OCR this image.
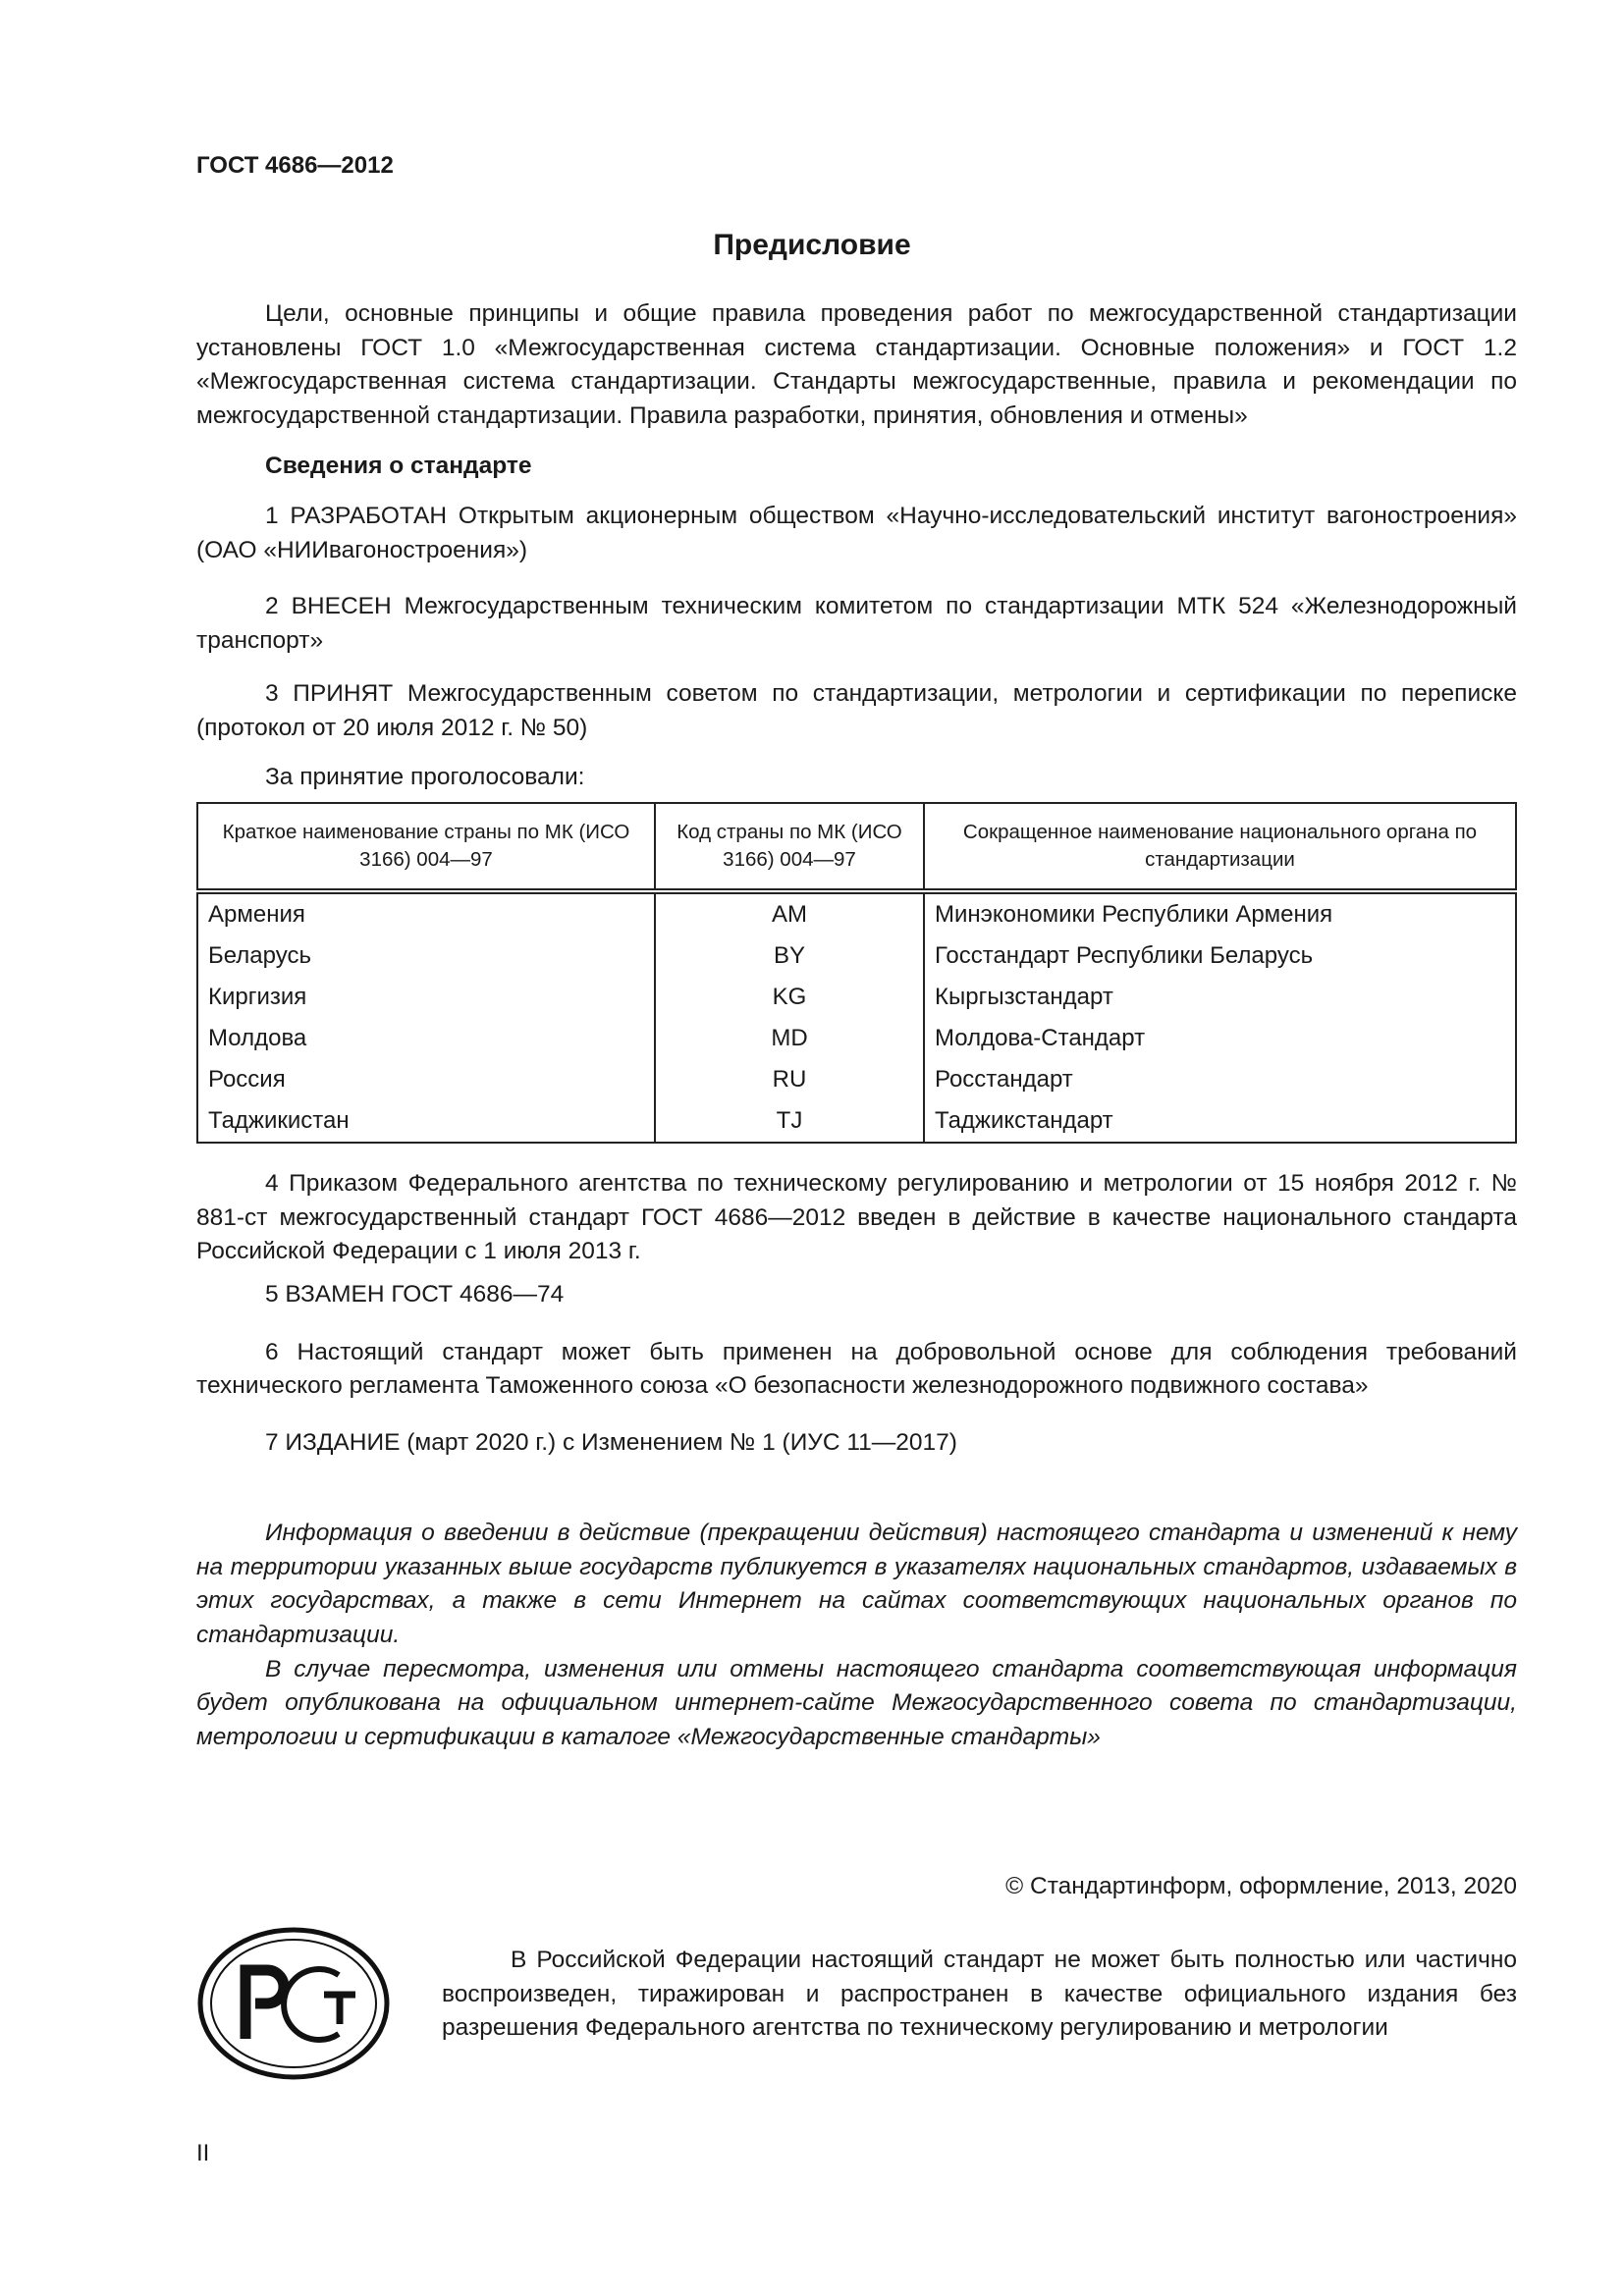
ГОСТ 4686—2012
Предисловие
Цели, основные принципы и общие правила проведения работ по межгосударственной стандартизации установлены ГОСТ 1.0 «Межгосударственная система стандартизации. Основные положения» и ГОСТ 1.2 «Межгосударственная система стандартизации. Стандарты межгосударственные, правила и рекомендации по межгосударственной стандартизации. Правила разработки, принятия, обновления и отмены»
Сведения о стандарте
1 РАЗРАБОТАН Открытым акционерным обществом «Научно-исследовательский институт вагоностроения» (ОАО «НИИвагоностроения»)
2 ВНЕСЕН Межгосударственным техническим комитетом по стандартизации МТК 524 «Железнодорожный транспорт»
3 ПРИНЯТ Межгосударственным советом по стандартизации, метрологии и сертификации по переписке (протокол от 20 июля 2012 г. № 50)
За принятие проголосовали:
Краткое наименование страны по МК (ИСО 3166) 004—97	Код страны по МК (ИСО 3166) 004—97	Сокращенное наименование национального органа по стандартизации
Армения	AM	Минэкономики Республики Армения
Беларусь	BY	Госстандарт Республики Беларусь
Киргизия	KG	Кыргызстандарт
Молдова	MD	Молдова-Стандарт
Россия	RU	Росстандарт
Таджикистан	TJ	Таджикстандарт
4 Приказом Федерального агентства по техническому регулированию и метрологии от 15 ноября 2012 г. № 881-ст межгосударственный стандарт ГОСТ 4686—2012 введен в действие в качестве национального стандарта Российской Федерации с 1 июля 2013 г.
5 ВЗАМЕН ГОСТ 4686—74
6 Настоящий стандарт может быть применен на добровольной основе для соблюдения требований технического регламента Таможенного союза «О безопасности железнодорожного подвижного состава»
7 ИЗДАНИЕ (март 2020 г.) с Изменением № 1 (ИУС 11—2017)
Информация о введении в действие (прекращении действия) настоящего стандарта и изменений к нему на территории указанных выше государств публикуется в указателях национальных стандартов, издаваемых в этих государствах, а также в сети Интернет на сайтах соответствующих национальных органов по стандартизации.
В случае пересмотра, изменения или отмены настоящего стандарта соответствующая информация будет опубликована на официальном интернет-сайте Межгосударственного совета по стандартизации, метрологии и сертификации в каталоге «Межгосударственные стандарты»
© Стандартинформ, оформление, 2013, 2020
В Российской Федерации настоящий стандарт не может быть полностью или частично воспроизведен, тиражирован и распространен в качестве официального издания без разрешения Федерального агентства по техническому регулированию и метрологии
II
